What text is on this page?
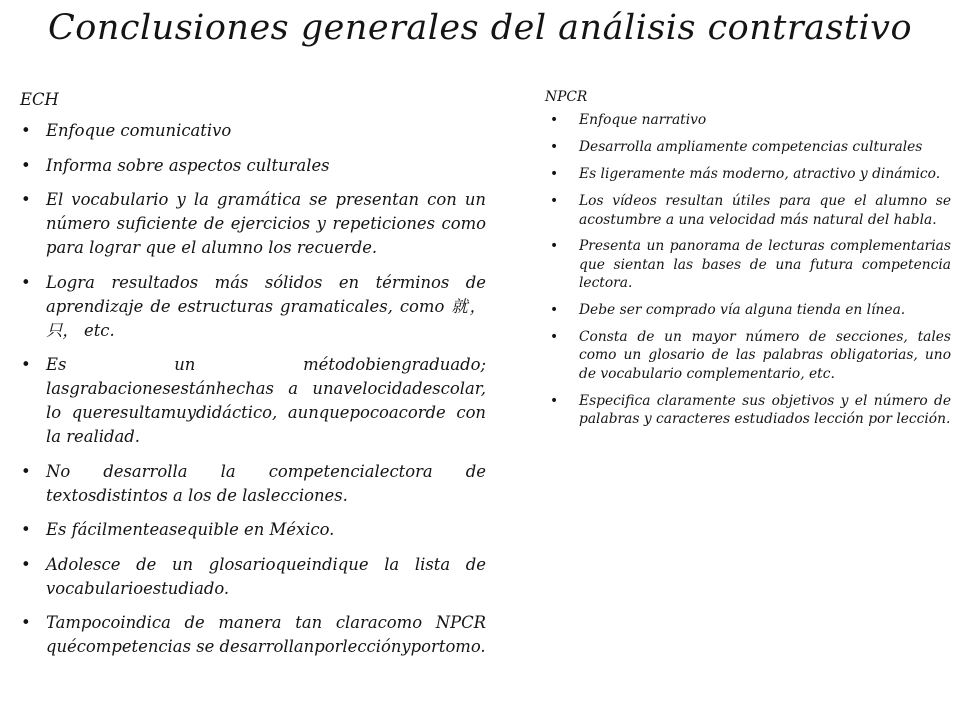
Conclusiones generales del análisis contrastivo
ECH
• Enfoque comunicativo
• Informa sobre aspectos culturales
• El vocabulario y la gramática se presentan con un número suficiente de ejercicios y repeticiones como para lograr que el alumno los recuerde.
• Logra resultados más sólidos en términos de aprendizaje de estructuras gramaticales, como 就，只， etc.
• Es un métodobiengraduado; lasgrabacionesestánhechas a unavelocidadescolar, lo queresultamuydidáctico, aunquepocoacorde con la realidad.
• No desarrolla la competencialectora de textosdistintos a los de laslecciones.
• Es fácilmenteasequible en México.
• Adolesce de un glosarioqueindique la lista de vocabularioestudiado.
• Tampocoindica de manera tan claracomo NPCR quécompetencias se desarrollanporlecciónyportomo.
NPCR
• Enfoque narrativo
• Desarrolla ampliamente competencias culturales
• Es ligeramente más moderno, atractivo y dinámico.
• Los vídeos resultan útiles para que el alumno se acostumbre a una velocidad más natural del habla.
• Presenta un panorama de lecturas complementarias que sientan las bases de una futura competencia lectora.
• Debe ser comprado vía alguna tienda en línea.
• Consta de un mayor número de secciones, tales como un glosario de las palabras obligatorias, uno de vocabulario complementario, etc.
• Especifica claramente sus objetivos y el número de palabras y caracteres estudiados lección por lección.
